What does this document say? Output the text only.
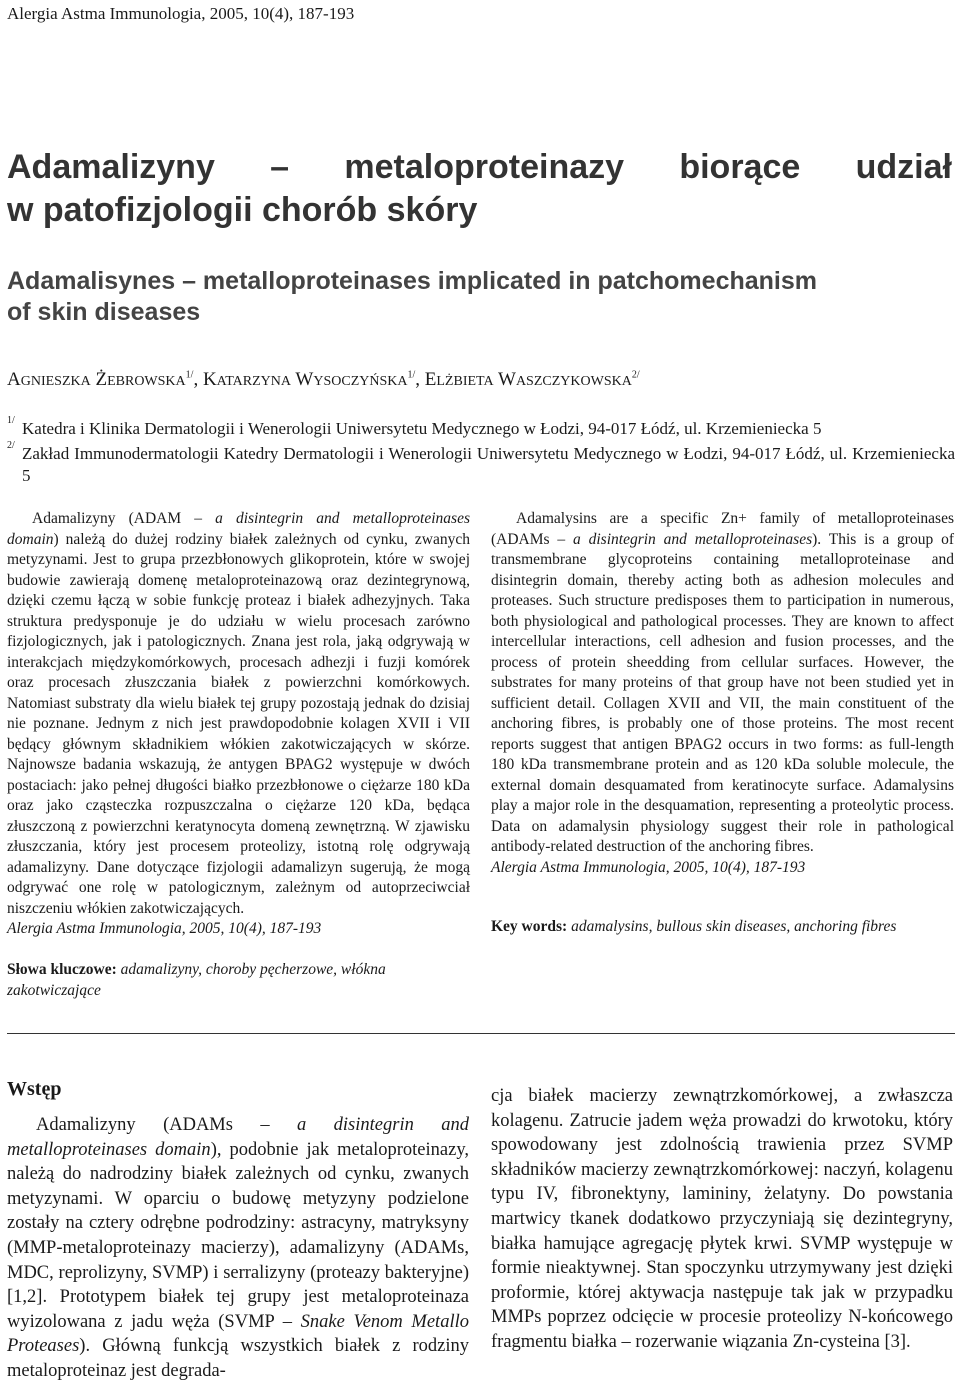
Alergia Astma Immunologia, 2005, 10(4), 187-193
Adamalizyny – metaloproteinazy biorące udział
w patofizjologii chorób skóry
Adamalisynes – metalloproteinases implicated in patchomechanism
of skin diseases
AGNIESZKA $ŻEBROWSKA^{1/}$, KATARZYNA $WYSOCZYŃSKA^{1/}$, ELŻBIETA $WASZCZYKOWSKA^{2/}$
1/ Katedra i Klinika Dermatologii i Wenerologii Uniwersytetu Medycznego w Łodzi, 94-017 Łódź, ul. Krzemieniecka 5
2/ Zakład Immunodermatologii Katedry Dermatologii i Wenerologii Uniwersytetu Medycznego w Łodzi, 94-017 Łódź, ul. Krzemieniecka 5

Adamalizyny (ADAM – a disintegrin and metalloproteinases domain) należą do dużej rodziny białek zależnych od cynku, zwanych metyzynami. Jest to grupa przezbłonowych glikoprotein, które w swojej budowie zawierają domenę metaloproteinazową oraz dezintegrynową, dzięki czemu łączą w sobie funkcję proteaz i białek adhezyjnych. Taka struktura predysponuje je do udziału w wielu procesach zarówno fizjologicznych, jak i patologicznych. Znana jest rola, jaką odgrywają w interakcjach międzykomórkowych, procesach adhezji i fuzji komórek oraz procesach złuszczania białek z powierzchni komórkowych. Natomiast substraty dla wielu białek tej grupy pozostają jednak do dzisiaj nie poznane. Jednym z nich jest prawdopodobnie kolagen XVII i VII będący głównym składnikiem włókien zakotwiczających w skórze. Najnowsze badania wskazują, że antygen BPAG2 występuje w dwóch postaciach: jako pełnej długości białko przezbłonowe o ciężarze 180 kDa oraz jako cząsteczka rozpuszczalna o ciężarze 120 kDa, będąca złuszczoną z powierzchni keratynocyta domeną zewnętrzną. W zjawisku złuszczania, który jest procesem proteolizy, istotną rolę odgrywają adamalizyny. Dane dotyczące fizjologii adamalizyn sugerują, że mogą odgrywać one rolę w patologicznym, zależnym od autoprzeciwciał niszczeniu włókien zakotwiczających.

Alergia Astma Immunologia, 2005, 10(4), 187-193

Adamalysins are a specific Zn+ family of metalloproteinases (ADAMs – a disintegrin and metalloproteinases). This is a group of transmembrane glycoproteins containing metalloproteinase and disintegrin domain, thereby acting both as adhesion molecules and proteases. Such structure predisposes them to participation in numerous, both physiological and pathological processes. They are known to affect intercellular interactions, cell adhesion and fusion processes, and the process of protein sheedding from cellular surfaces. However, the substrates for many proteins of that group have not been studied yet in sufficient detail. Collagen XVII and VII, the main constituent of the anchoring fibres, is probably one of those proteins. The most recent reports suggest that antigen BPAG2 occurs in two forms: as full-length 180 kDa transmembrane protein and as 120 kDa soluble molecule, the external domain desquamated from keratinocyte surface. Adamalysins play a major role in the desquamation, representing a proteolytic process. Data on adamalysin physiology suggest their role in pathological antibody-related destruction of the anchoring fibres.

Alergia Astma Immunologia, 2005, 10(4), 187-193

Key words: adamalysins, bullous skin diseases, anchoring fibres
Słowa kluczowe: adamalizyny, choroby pęcherzowe, włókna zakotwiczające
Wstęp

Adamalizyny (ADAMs – a disintegrin and metalloproteinases domain), podobnie jak metaloproteinazy, należą do nadrodziny białek zależnych od cynku, zwanych metyzynami. W oparciu o budowę metyzyny podzielone zostały na cztery odrębne podrodziny: astracyny, matryksyny (MMP-metaloproteinazy macierzy), adamalizyny (ADAMs, MDC, reprolizyny, SVMP) i serralizyny (proteazy bakteryjne) [1,2]. Prototypem białek tej grupy jest metaloproteinaza wyizolowana z jadu węża (SVMP – Snake Venom Metallo Proteases). Główną funkcją wszystkich białek z rodziny metaloproteinaz jest degrada-

cja białek macierzy zewnątrzkomórkowej, a zwłaszcza kolagenu. Zatrucie jadem węża prowadzi do krwotoku, który spowodowany jest zdolnością trawienia przez SVMP składników macierzy zewnątrzkomórkowej: naczyń, kolagenu typu IV, fibronektyny, lamininy, żelatyny. Do powstania martwicy tkanek dodatkowo przyczyniają się dezintegryny, białka hamujące agregację płytek krwi. SVMP występuje w formie nieaktywnej. Stan spoczynku utrzymywany jest dzięki proformie, której aktywacja następuje tak jak w przypadku MMPs poprzez odcięcie w procesie proteolizy N-końcowego fragmentu białka – rozerwanie wiązania Zn-cysteina [3].
